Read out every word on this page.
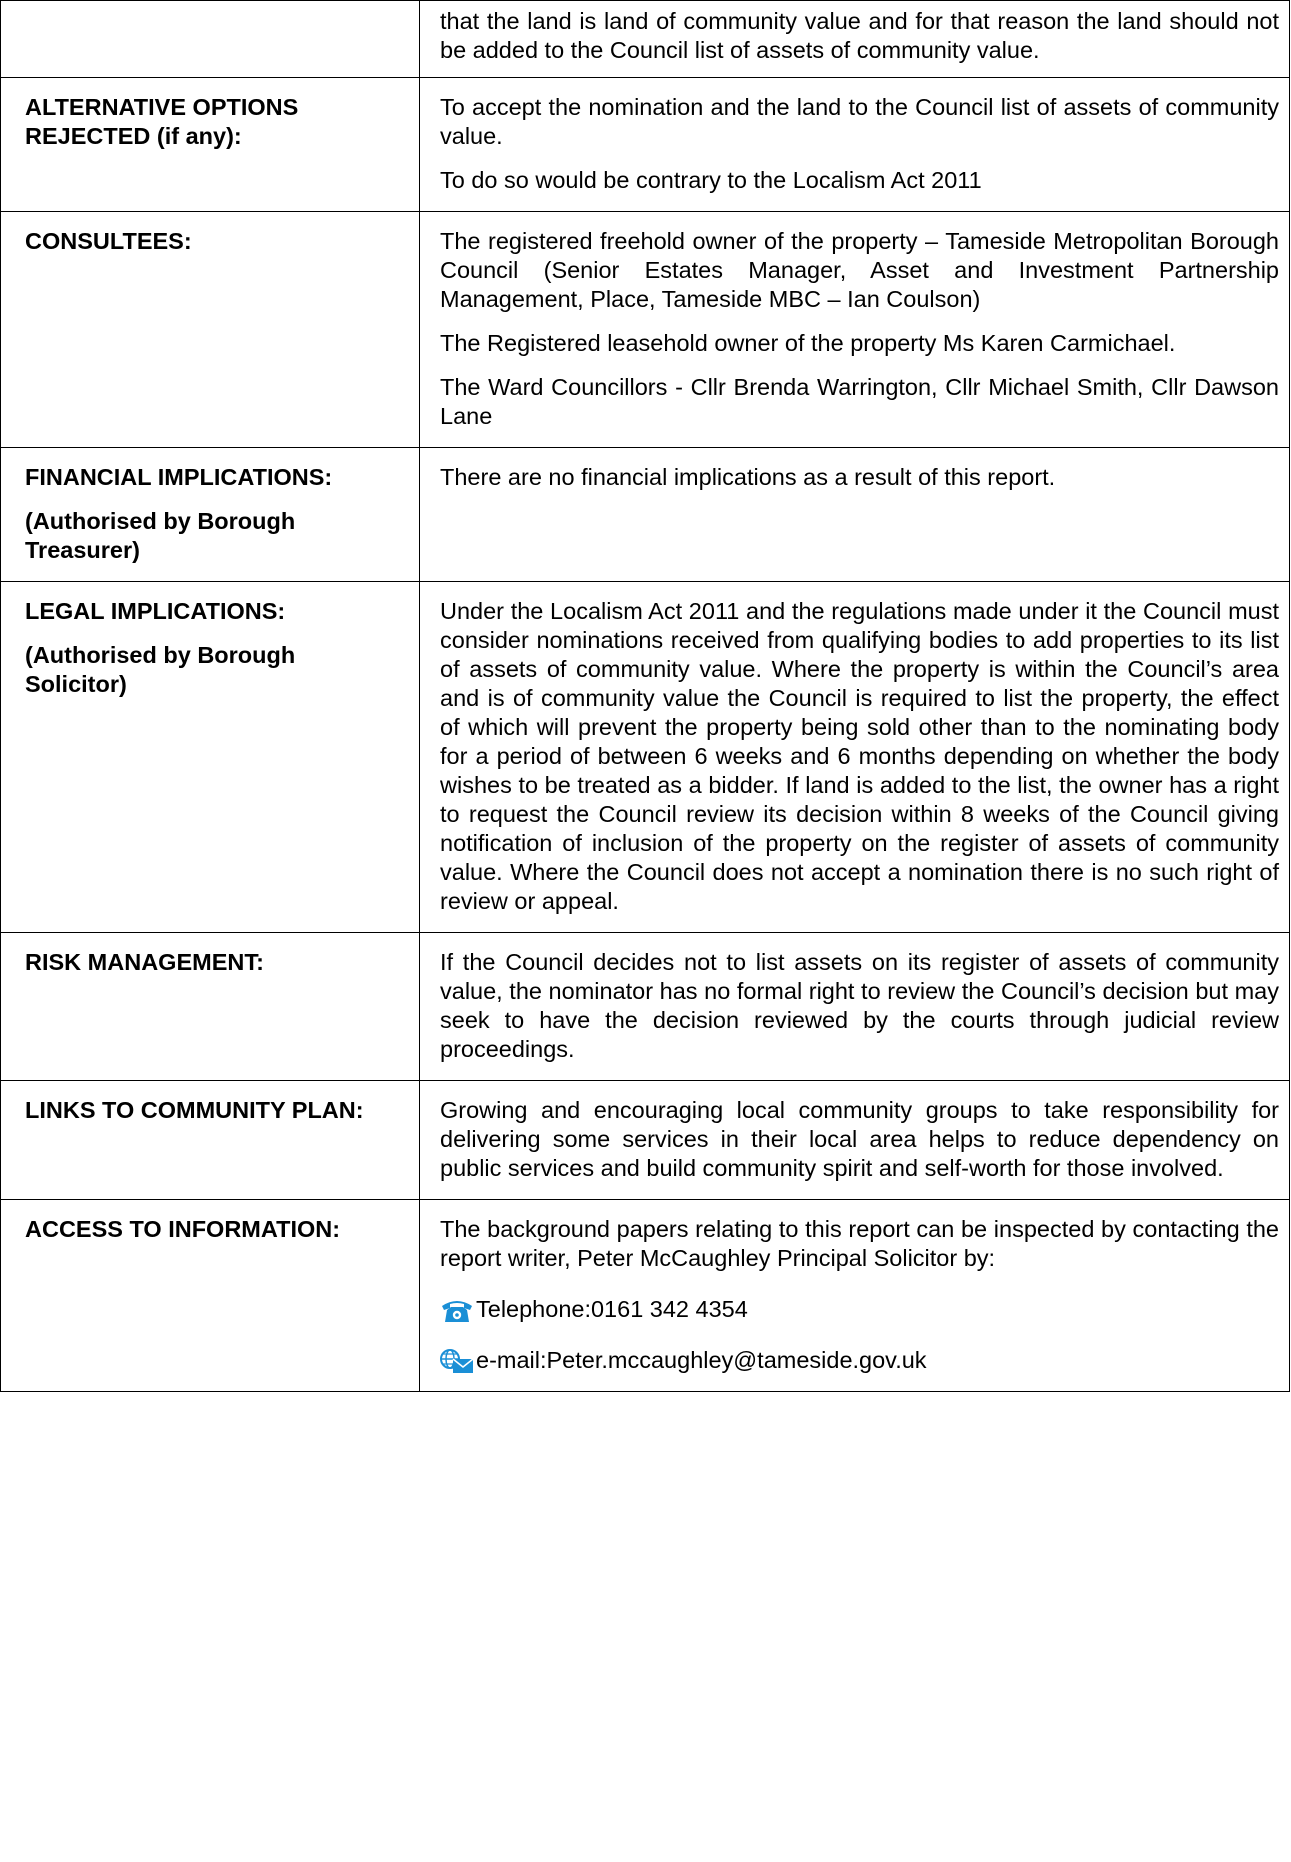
	that the land is land of community value and for that reason the land should not be added to the Council list of assets of community value.

ALTERNATIVE OPTIONS REJECTED (if any):	To accept the nomination and the land to the Council list of assets of community value.

To do so would be contrary to the Localism Act 2011

CONSULTEES:	The registered freehold owner of the property – Tameside Metropolitan Borough Council (Senior Estates Manager, Asset and Investment Partnership Management, Place, Tameside MBC – Ian Coulson)

The Registered leasehold owner of the property Ms Karen Carmichael.

The Ward Councillors - Cllr Brenda Warrington, Cllr Michael Smith, Cllr Dawson Lane

FINANCIAL IMPLICATIONS:

(Authorised by Borough Treasurer)	There are no financial implications as a result of this report.

LEGAL IMPLICATIONS:

(Authorised by Borough Solicitor)	Under the Localism Act 2011 and the regulations made under it the Council must consider nominations received from qualifying bodies to add properties to its list of assets of community value. Where the property is within the Council’s area and is of community value the Council is required to list the property, the effect of which will prevent the property being sold other than to the nominating body for a period of between 6 weeks and 6 months depending on whether the body wishes to be treated as a bidder. If land is added to the list, the owner has a right to request the Council review its decision within 8 weeks of the Council giving notification of inclusion of the property on the register of assets of community value. Where the Council does not accept a nomination there is no such right of review or appeal.

RISK MANAGEMENT:	If the Council decides not to list assets on its register of assets of community value, the nominator has no formal right to review the Council’s decision but may seek to have the decision reviewed by the courts through judicial review proceedings.

LINKS TO COMMUNITY PLAN:	Growing and encouraging local community groups to take responsibility for delivering some services in their local area helps to reduce dependency on public services and build community spirit and self-worth for those involved.

ACCESS TO INFORMATION:	The background papers relating to this report can be inspected by contacting the report writer, Peter McCaughley Principal Solicitor by:

Telephone:0161 342 4354
e-mail:Peter.mccaughley@tameside.gov.uk
